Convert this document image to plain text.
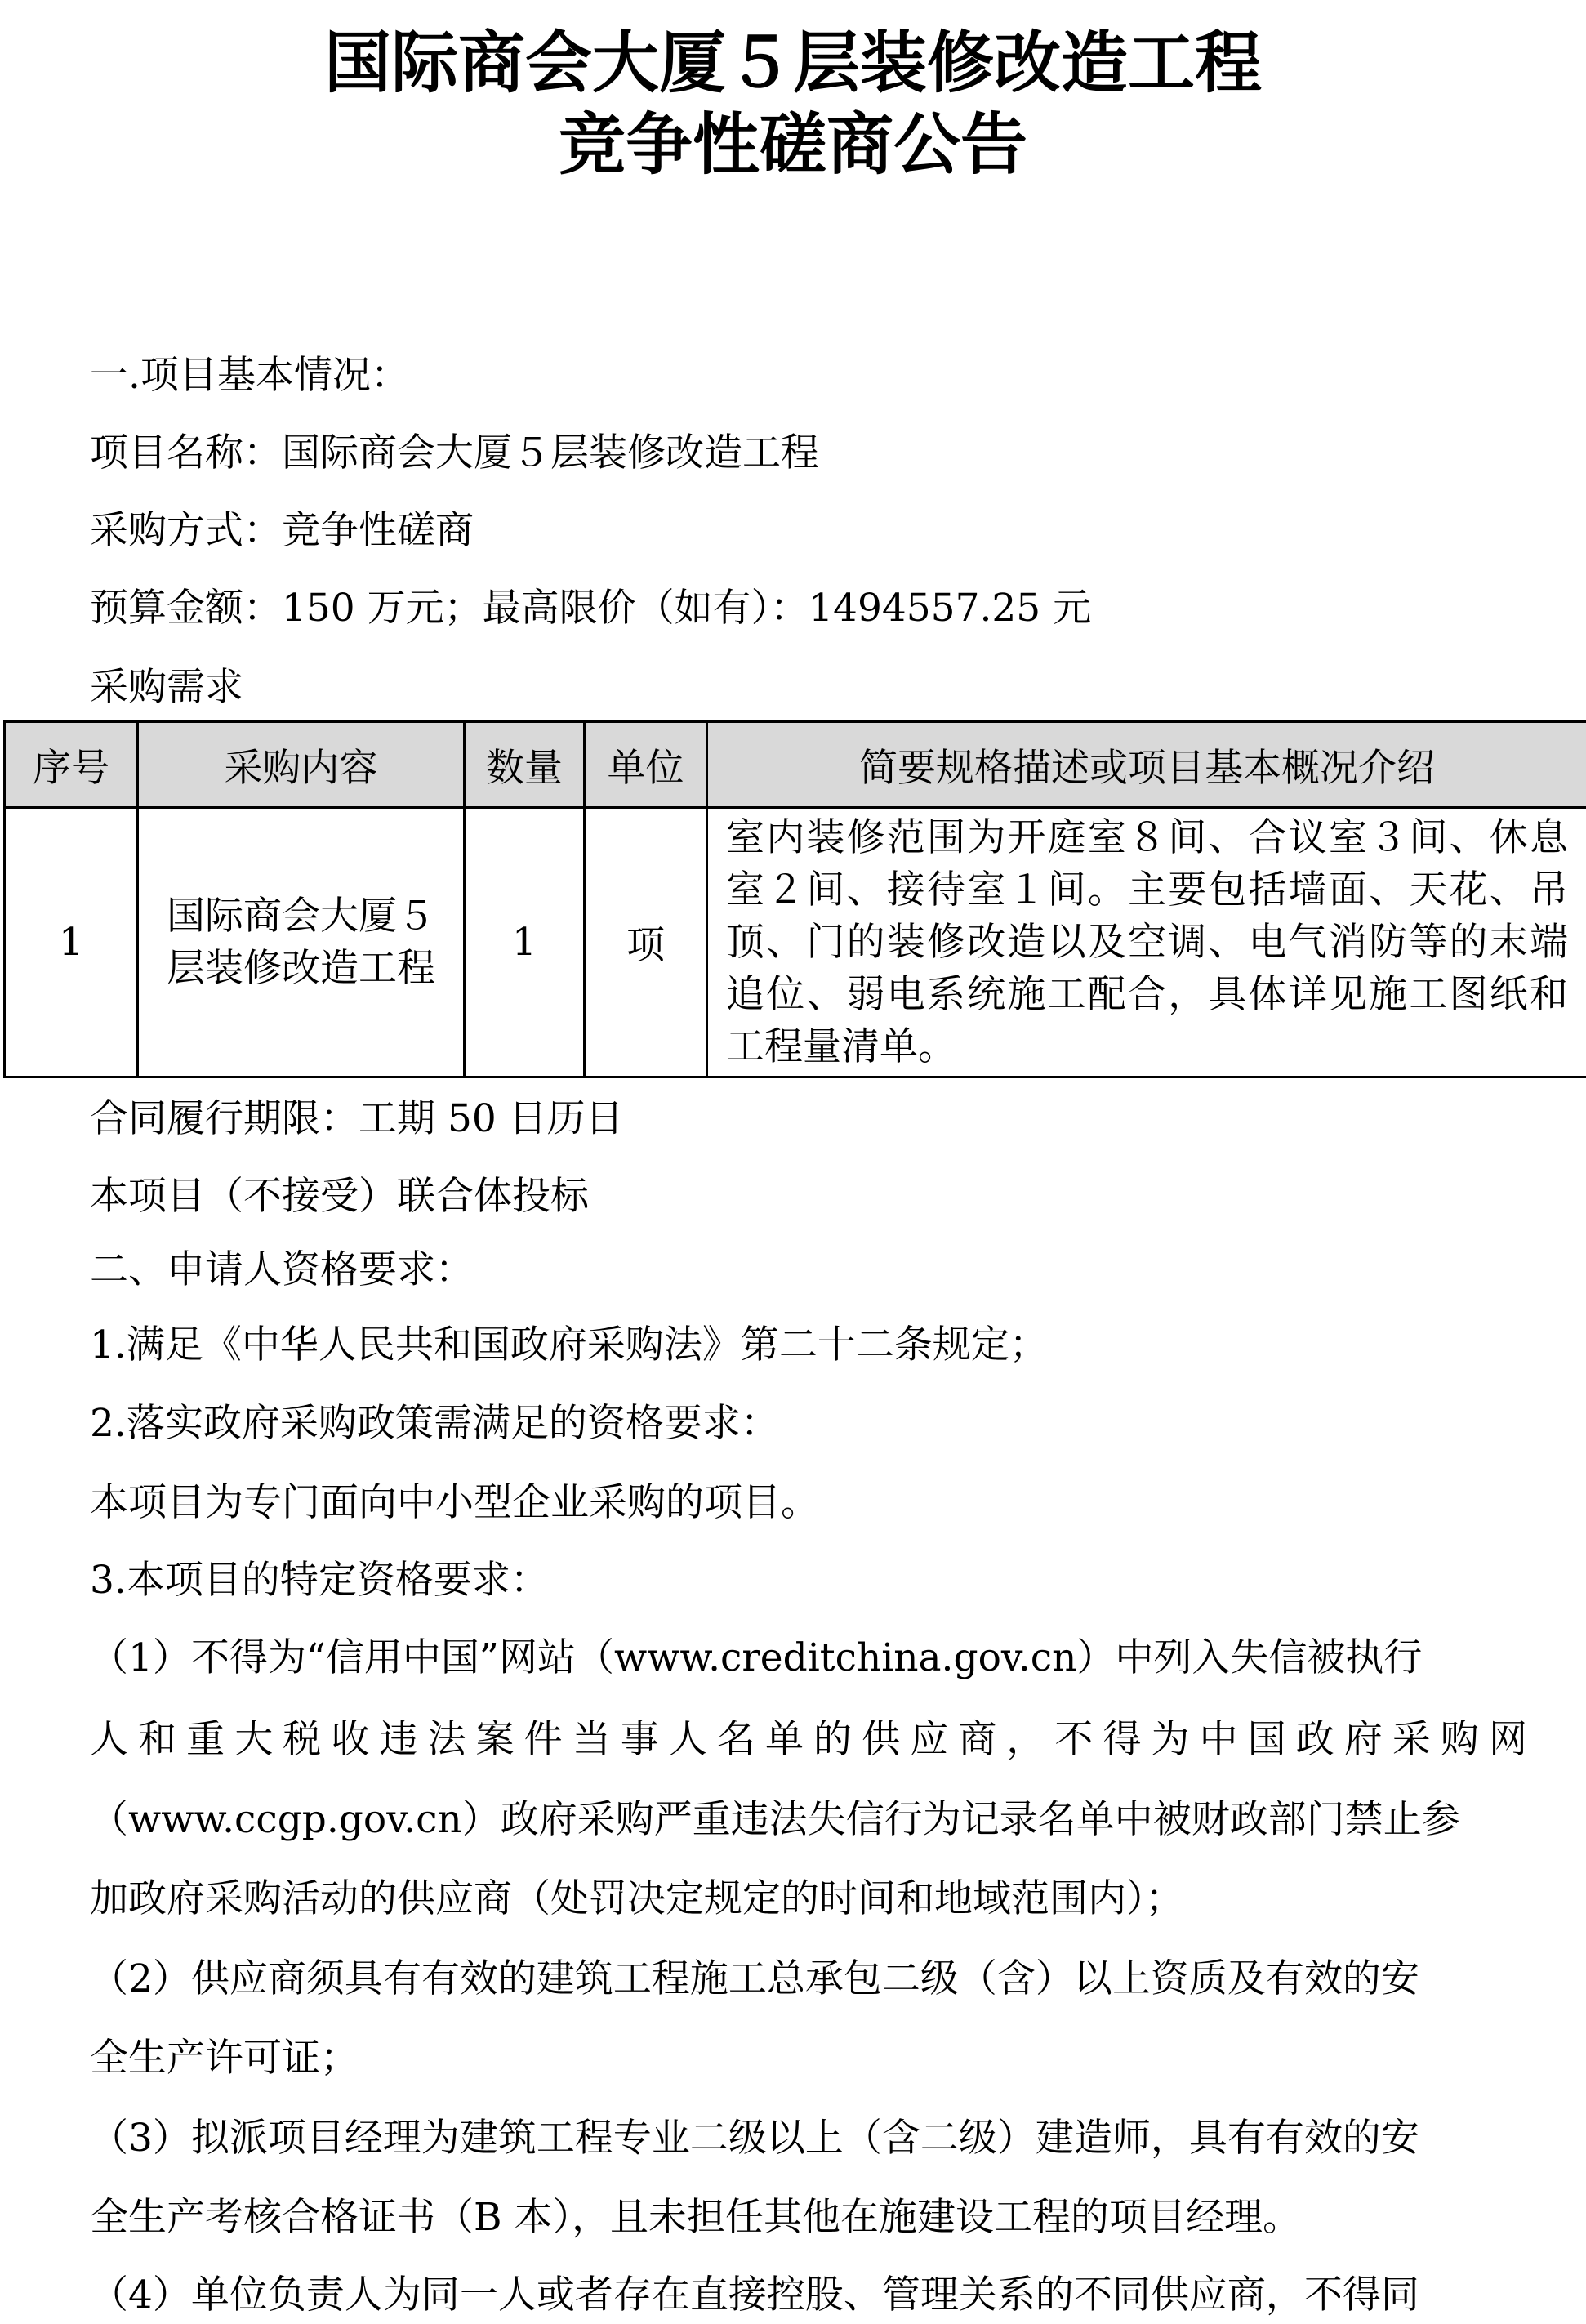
国际商会大厦５层装修改造工程
竞争性磋商公告

一.项目基本情况：

项目名称：国际商会大厦５层装修改造工程

采购方式：竞争性磋商

预算金额：150 万元；最高限价（如有）：1494557.25 元

采购需求

序号	采购内容	数量	单位	简要规格描述或项目基本概况介绍
1	国际商会大厦５层装修改造工程	1	项	室内装修范围为开庭室８间、合议室３间、休息室２间、接待室１间。主要包括墙面、天花、吊顶、门的装修改造以及空调、电气消防等的末端追位、弱电系统施工配合，具体详见施工图纸和工程量清单。

合同履行期限：工期 50 日历日

本项目（不接受）联合体投标

二、申请人资格要求：

1.满足《中华人民共和国政府采购法》第二十二条规定；

2.落实政府采购政策需满足的资格要求：

本项目为专门面向中小型企业采购的项目。

3.本项目的特定资格要求：

（1）不得为“信用中国”网站（www.creditchina.gov.cn）中列入失信被执行

人和重大税收违法案件当事人名单的供应商，不得为中国政府采购网

（www.ccgp.gov.cn）政府采购严重违法失信行为记录名单中被财政部门禁止参

加政府采购活动的供应商（处罚决定规定的时间和地域范围内）；

（2）供应商须具有有效的建筑工程施工总承包二级（含）以上资质及有效的安

全生产许可证；

（3）拟派项目经理为建筑工程专业二级以上（含二级）建造师，具有有效的安

全生产考核合格证书（B 本），且未担任其他在施建设工程的项目经理。

（4）单位负责人为同一人或者存在直接控股、管理关系的不同供应商，不得同
